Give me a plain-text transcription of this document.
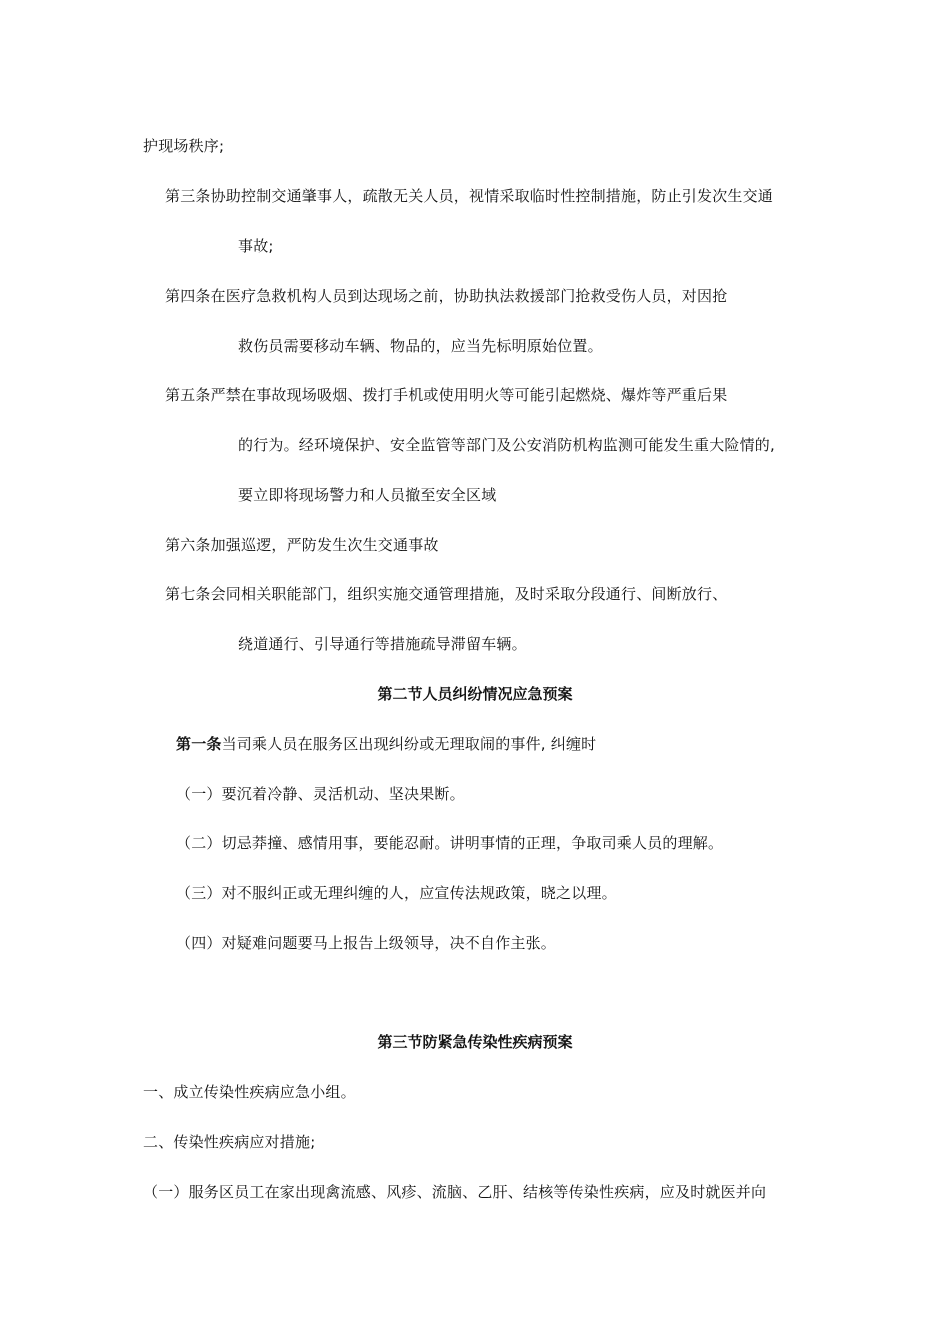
护现场秩序;
第三条协助控制交通肇事人，疏散无关人员，视情采取临时性控制措施，防止引发次生交通
事故;
第四条在医疗急救机构人员到达现场之前，协助执法救援部门抢救受伤人员，对因抢
救伤员需要移动车辆、物品的，应当先标明原始位置。
第五条严禁在事故现场吸烟、拨打手机或使用明火等可能引起燃烧、爆炸等严重后果
的行为。经环境保护、安全监管等部门及公安消防机构监测可能发生重大险情的,
要立即将现场警力和人员撤至安全区域
第六条加强巡逻，严防发生次生交通事故
第七条会同相关职能部门，组织实施交通管理措施，及时采取分段通行、间断放行、
绕道通行、引导通行等措施疏导滞留车辆。
第二节人员纠纷情况应急预案
第一条当司乘人员在服务区出现纠纷或无理取闹的事件, 纠缠时
（一）要沉着冷静、灵活机动、坚决果断。
（二）切忌莽撞、感情用事，要能忍耐。讲明事情的正理，争取司乘人员的理解。
（三）对不服纠正或无理纠缠的人，应宣传法规政策，晓之以理。
（四）对疑难问题要马上报告上级领导，决不自作主张。
第三节防紧急传染性疾病预案
一、成立传染性疾病应急小组。
二、传染性疾病应对措施;
（一）服务区员工在家出现禽流感、风疹、流脑、乙肝、结核等传染性疾病，应及时就医并向
